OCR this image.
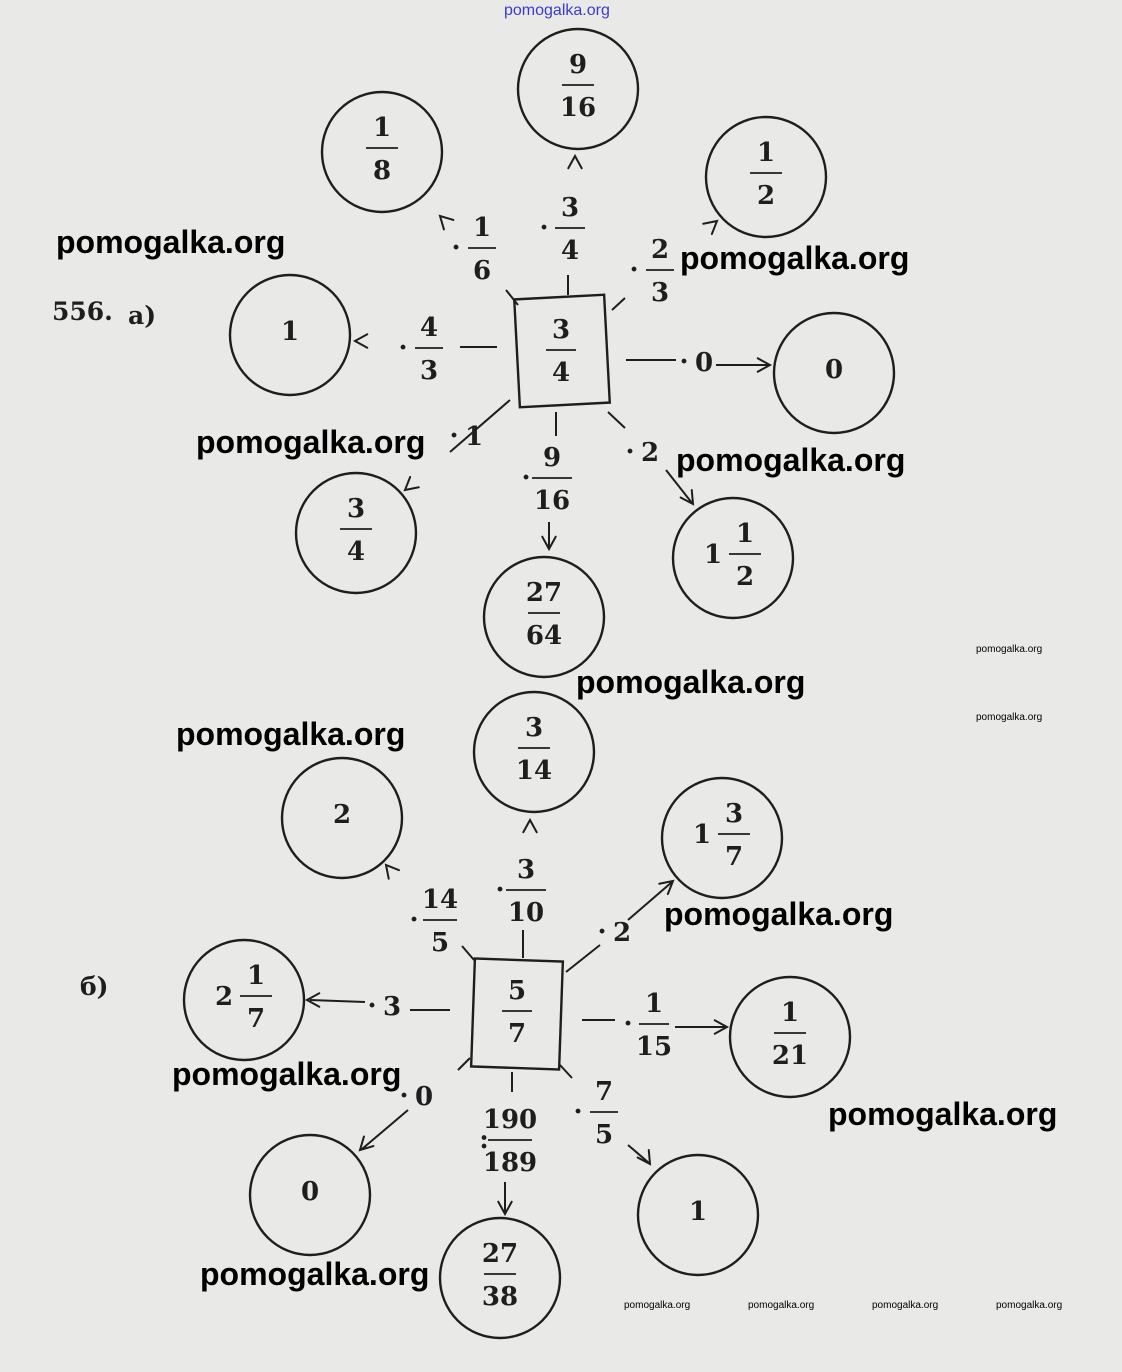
pomogalka.org
556. а)
б)
3
4
1
8
·
1
6
9
16
·
3
4
1
2
·
2
3
1
·
4
3	0
· 0
3
4
· 1
27
64
·
9
16
1
1
2
· 2
5
7
2
·
14
5
3
14
·
3
10
1
3
7
· 2
2
1
7	· 3	1
21
·
1
15
0
· 0
27
38
:
190
189
1
·
7
5
pomogalka.org	pomogalka.org
pomogalka.org	pomogalka.org
pomogalka.org
pomogalka.org
pomogalka.org
pomogalka.org
pomogalka.org
pomogalka.org
pomogalka.org
pomogalka.org
pomogalka.org	pomogalka.org	pomogalka.org	pomogalka.org
